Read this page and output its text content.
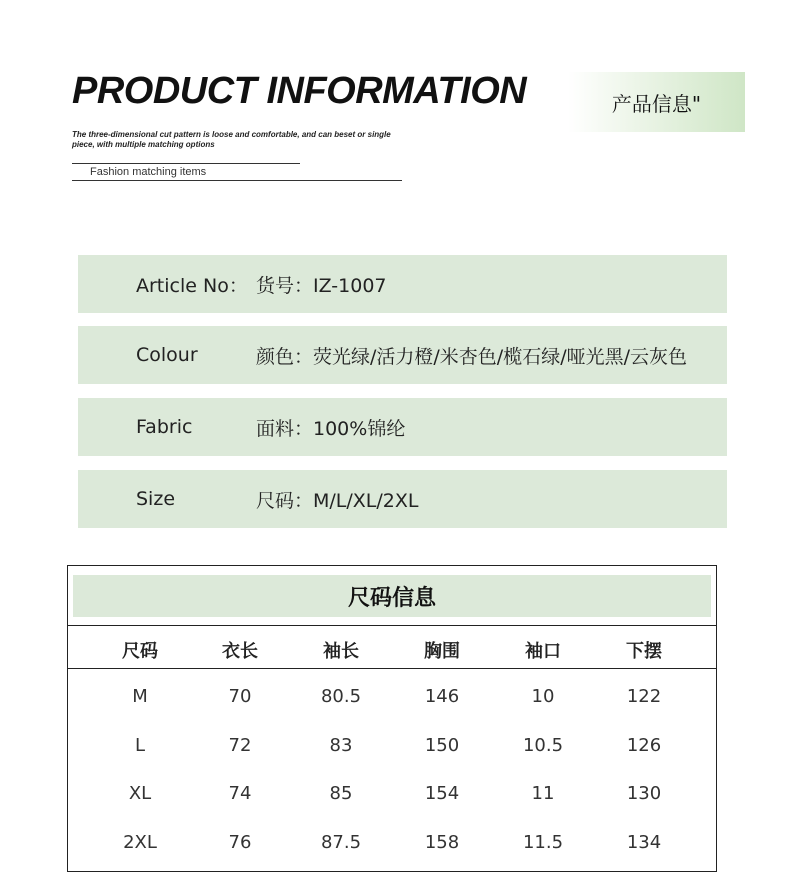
PRODUCT INFORMATION
The three-dimensional cut pattern is loose and comfortable, and can beset or single piece, with multiple matching options
Fashion matching items
产品信息"
Article No： 货号：IZ-1007
Colour	颜色：荧光绿/活力橙/米杏色/榄石绿/哑光黑/云灰色
Fabric	面料：100%锦纶
Size	尺码：M/L/XL/2XL
尺码信息
尺码	衣长	袖长	胸围	袖口	下摆
M	70	80.5	146	10	122
L	72	83	150	10.5	126
XL	74	85	154	11	130
2XL	76	87.5	158	11.5	134
